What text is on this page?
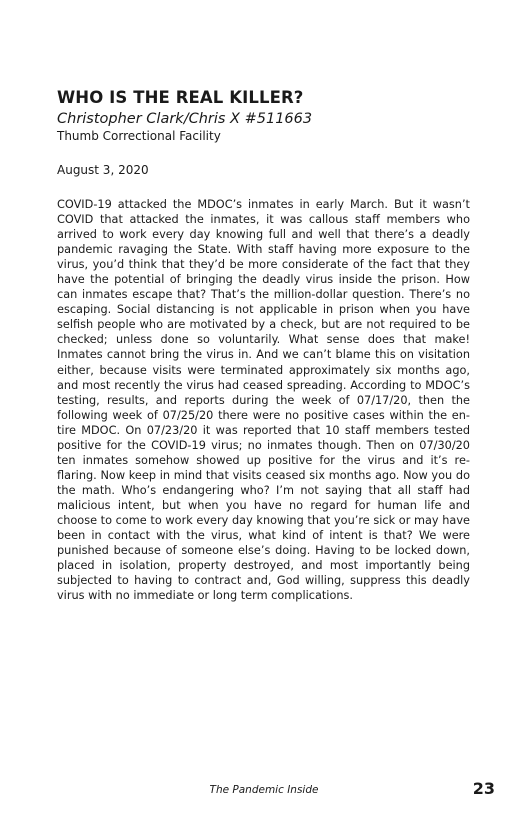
WHO IS THE REAL KILLER?

Christopher Clark/Chris X #511663

Thumb Correctional Facility

August 3, 2020

COVID-19 attacked the MDOC’s inmates in early March. But it wasn’t COVID that attacked the inmates, it was callous staff members who arrived to work every day knowing full and well that there’s a deadly pandemic ravaging the State. With staff having more exposure to the virus, you’d think that they’d be more considerate of the fact that they have the potential of bringing the deadly virus inside the prison. How can inmates escape that? That’s the million-dollar question. There’s no escaping. Social distancing is not applicable in prison when you have selfish people who are motivated by a check, but are not required to be checked; unless done so voluntarily. What sense does that make! Inmates cannot bring the virus in. And we can’t blame this on visitation either, because visits were terminated approximately six months ago, and most recently the virus had ceased spreading. According to MDOC’s testing, results, and reports during the week of 07/17/20, then the following week of 07/25/20 there were no positive cases within the entire MDOC. On 07/23/20 it was reported that 10 staff members tested positive for the COVID-19 virus; no inmates though. Then on 07/30/20 ten inmates somehow showed up positive for the virus and it’s re-flaring. Now keep in mind that visits ceased six months ago. Now you do the math. Who’s endangering who? I’m not saying that all staff had malicious intent, but when you have no regard for human life and choose to come to work every day knowing that you’re sick or may have been in contact with the virus, what kind of intent is that? We were punished because of someone else’s doing. Having to be locked down, placed in isolation, property destroyed, and most importantly being subjected to having to contract and, God willing, suppress this deadly virus with no immediate or long term complications.

The Pandemic Inside	23
